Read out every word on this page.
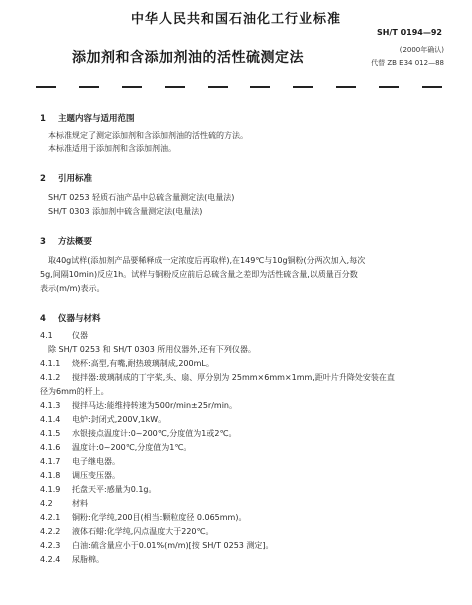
中华人民共和国石油化工行业标准
SH/T 0194—92
添加剂和含添加剂油的活性硫测定法	(2000年确认)
代替 ZB E34 012—88
1 主题内容与适用范围
本标准规定了测定添加剂和含添加剂油的活性硫的方法。
本标准适用于添加剂和含添加剂油。
2 引用标准
SH/T 0253 轻质石油产品中总硫含量测定法(电量法)
SH/T 0303 添加剂中硫含量测定法(电量法)
3 方法概要
取40g试样(添加剂产品要稀释成一定浓度后再取样),在149℃与10g铜粉(分两次加入,每次
5g,间隔10min)反应1h。试样与铜粉反应前后总硫含量之差即为活性硫含量,以质量百分数
表示(m/m)表示。
4 仪器与材料
4.1 仪器
除 SH/T 0253 和 SH/T 0303 所用仪器外,还有下列仪器。
4.1.1 烧杯:高型,有嘴,耐热玻璃制成,200mL。
4.1.2 搅拌器:玻璃制成的丁字桨,头、扇、厚分别为 25mm×6mm×1mm,距叶片升降处安装在直
径为6mm的杆上。
4.1.3 搅拌马达:能维持转速为500r/min±25r/min。
4.1.4 电炉:封闭式,200V,1kW。
4.1.5 水银接点温度计:0~200℃,分度值为1或2℃。
4.1.6 温度计:0~200℃,分度值为1℃。
4.1.7 电子继电器。
4.1.8 调压变压器。
4.1.9 托盘天平:感量为0.1g。
4.2 材料
4.2.1 铜粉:化学纯,200目(相当:颗粒度径 0.065mm)。
4.2.2 液体石蜡:化学纯,闪点温度大于220℃。
4.2.3 白油:硫含量应小于0.01%(m/m)[按 SH/T 0253 测定]。
4.2.4 尿脂棉。
